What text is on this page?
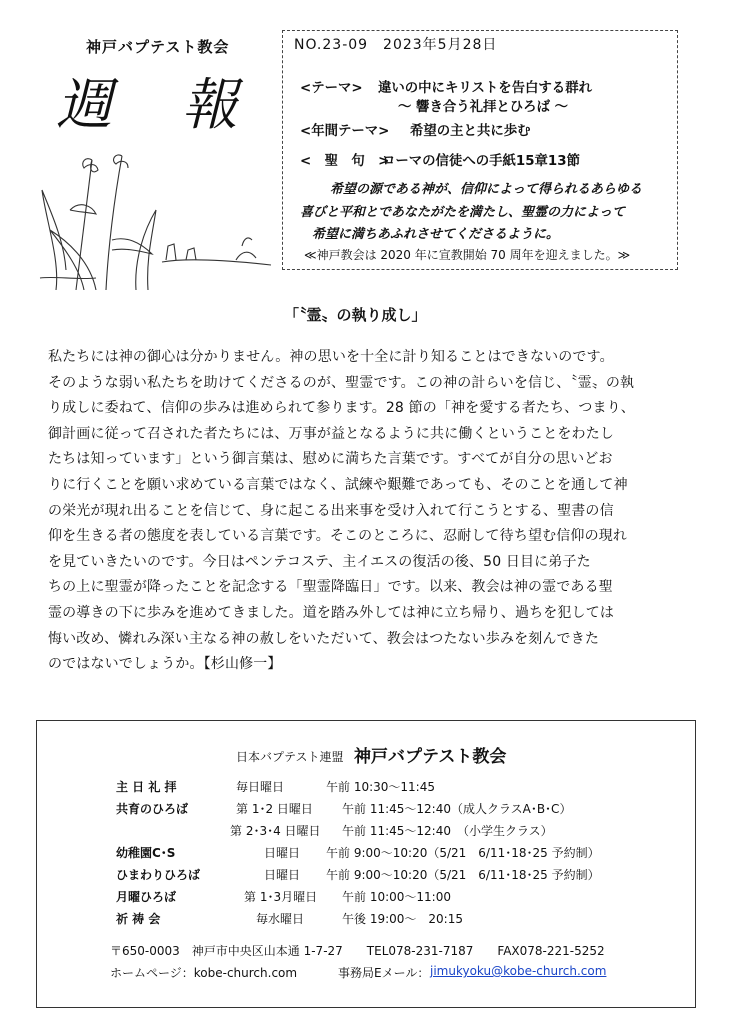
神戸バプテスト教会
週 報
NO.23-09　2023年5月28日
<テーマ> 違いの中にキリストを告白する群れ
～ 響き合う礼拝とひろば ～
<年間テーマ> 希望の主と共に歩む
<　聖　句　>
ローマの信徒への手紙15章13節
希望の源である神が、信仰によって得られるあらゆる
喜びと平和とであなたがたを満たし、聖霊の力によって
希望に満ちあふれさせてくださるように。
≪神戸教会は 2020 年に宣教開始 70 周年を迎えました。≫
「〝霊〟の執り成し」
私たちには神の御心は分かりません。神の思いを十全に計り知ることはできないのです。
そのような弱い私たちを助けてくださるのが、聖霊です。この神の計らいを信じ、〝霊〟の執
り成しに委ねて、信仰の歩みは進められて参ります。28 節の「神を愛する者たち、つまり、
御計画に従って召された者たちには、万事が益となるように共に働くということをわたし
たちは知っています」という御言葉は、慰めに満ちた言葉です。すべてが自分の思いどお
りに行くことを願い求めている言葉ではなく、試練や艱難であっても、そのことを通して神
の栄光が現れ出ることを信じて、身に起こる出来事を受け入れて行こうとする、聖書の信
仰を生きる者の態度を表している言葉です。そこのところに、忍耐して待ち望む信仰の現れ
を見ていきたいのです。今日はペンテコステ、主イエスの復活の後、50 日目に弟子た
ちの上に聖霊が降ったことを記念する「聖霊降臨日」です。以来、教会は神の霊である聖
霊の導きの下に歩みを進めてきました。道を踏み外しては神に立ち帰り、過ちを犯しては
悔い改め、憐れみ深い主なる神の赦しをいただいて、教会はつたない歩みを刻んできた
のではないでしょうか。【杉山修一】
日本バプテスト連盟 神戸バプテスト教会
主 日 礼 拝	毎日曜日	午前 10:30～11:45
共育のひろば	第 1･2 日曜日 午前 11:45～12:40（成人クラスA･B･C）
第 2･3･4 日曜日 午前 11:45～12:40　（小学生クラス）
幼稚園C･S	日曜日 午前 9:00～10:20（5/21　6/11･18･25 予約制）
ひまわりひろば	日曜日 午前 9:00～10:20（5/21　6/11･18･25 予約制）
月曜ひろば	第 1･3月曜日 午前 10:00～11:00
祈 祷 会	毎水曜日	午後 19:00～　20:15
〒650-0003　神戸市中央区山本通 1-7-27　　TEL078-231-7187　　FAX078-221-5252
ホームページ：kobe-church.com	事務局Eメール： jimukyoku@kobe-church.com
